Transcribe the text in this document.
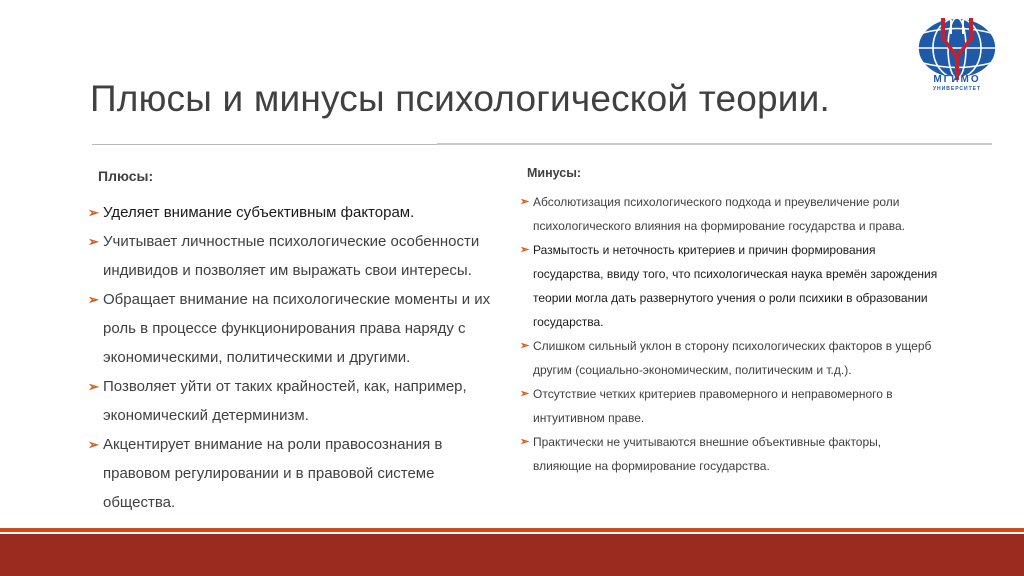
Плюсы и минусы психологической теории.	МГИМО
УНИВЕРСИТЕТ
Плюсы:
➢ Уделяет внимание субъективным факторам.
➢ Учитывает личностные психологические особенности индивидов и позволяет им выражать свои интересы.
➢ Обращает внимание на психологические моменты и их роль в процессе функционирования права наряду с экономическими, политическими и другими.
➢ Позволяет уйти от таких крайностей, как, например, экономический детерминизм.
➢ Акцентирует внимание на роли правосознания в правовом регулировании и в правовой системе общества.
Минусы:
➢ Абсолютизация психологического подхода и преувеличение роли психологического влияния на формирование государства и права.
➢ Размытость и неточность критериев и причин формирования государства, ввиду того, что психологическая наука времён зарождения теории могла дать развернутого учения о роли психики в образовании государства.
➢ Слишком сильный уклон в сторону психологических факторов в ущерб другим (социально-экономическим, политическим и т.д.).
➢ Отсутствие четких критериев правомерного и неправомерного в интуитивном праве.
➢ Практически не учитываются внешние объективные факторы, влияющие на формирование государства.
